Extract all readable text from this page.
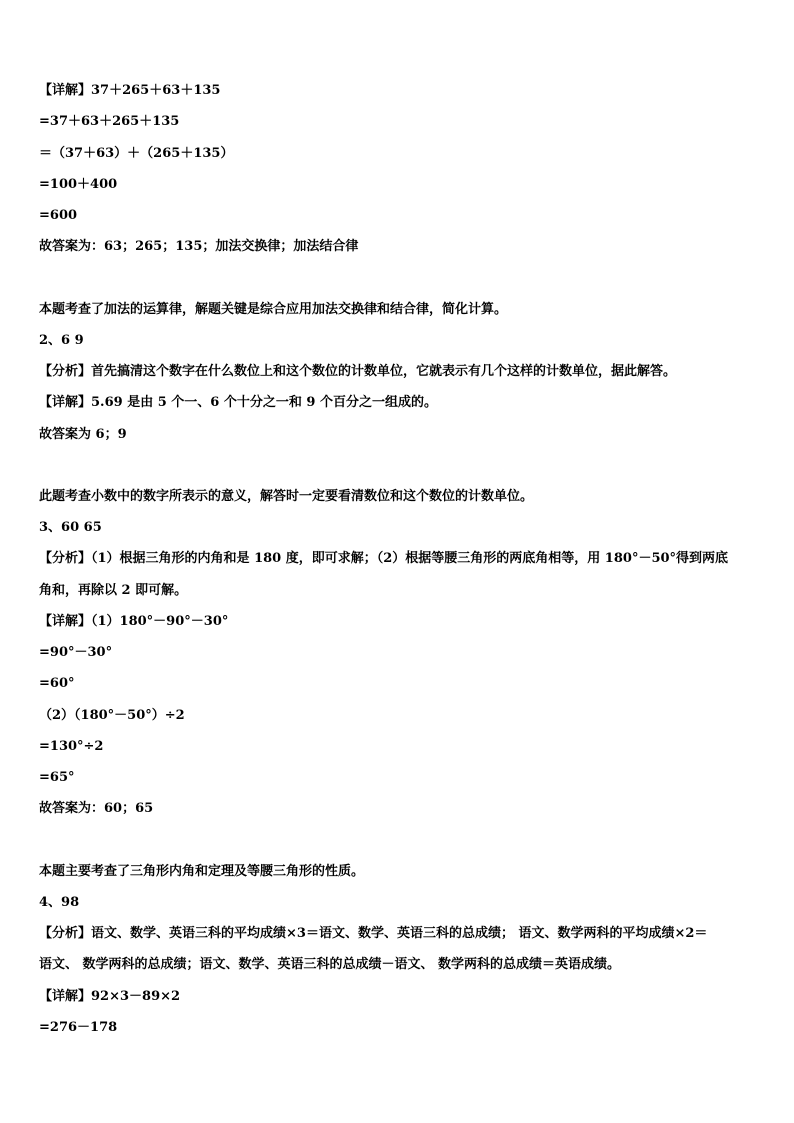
【详解】37＋265＋63＋135
=37＋63＋265＋135
＝（37＋63）＋（265＋135）
=100＋400
=600
故答案为：63；265；135；加法交换律；加法结合律
本题考查了加法的运算律，解题关键是综合应用加法交换律和结合律，简化计算。
2、6 9
【分析】首先搞清这个数字在什么数位上和这个数位的计数单位，它就表示有几个这样的计数单位，据此解答。
【详解】5.69 是由 5 个一、6 个十分之一和 9 个百分之一组成的。
故答案为 6；9
此题考查小数中的数字所表示的意义，解答时一定要看清数位和这个数位的计数单位。
3、60 65
【分析】（1）根据三角形的内角和是 180 度，即可求解；（2）根据等腰三角形的两底角相等，用 180°－50°得到两底
角和，再除以 2 即可解。
【详解】（1）180°－90°－30°
=90°－30°
=60°
（2）（180°－50°）÷2
=130°÷2
=65°
故答案为：60；65
本题主要考查了三角形内角和定理及等腰三角形的性质。
4、98
【分析】语文、数学、英语三科的平均成绩×3＝语文、数学、英语三科的总成绩； 语文、数学两科的平均成绩×2＝
语文、 数学两科的总成绩；语文、数学、英语三科的总成绩－语文、 数学两科的总成绩＝英语成绩。
【详解】92×3－89×2
=276－178
